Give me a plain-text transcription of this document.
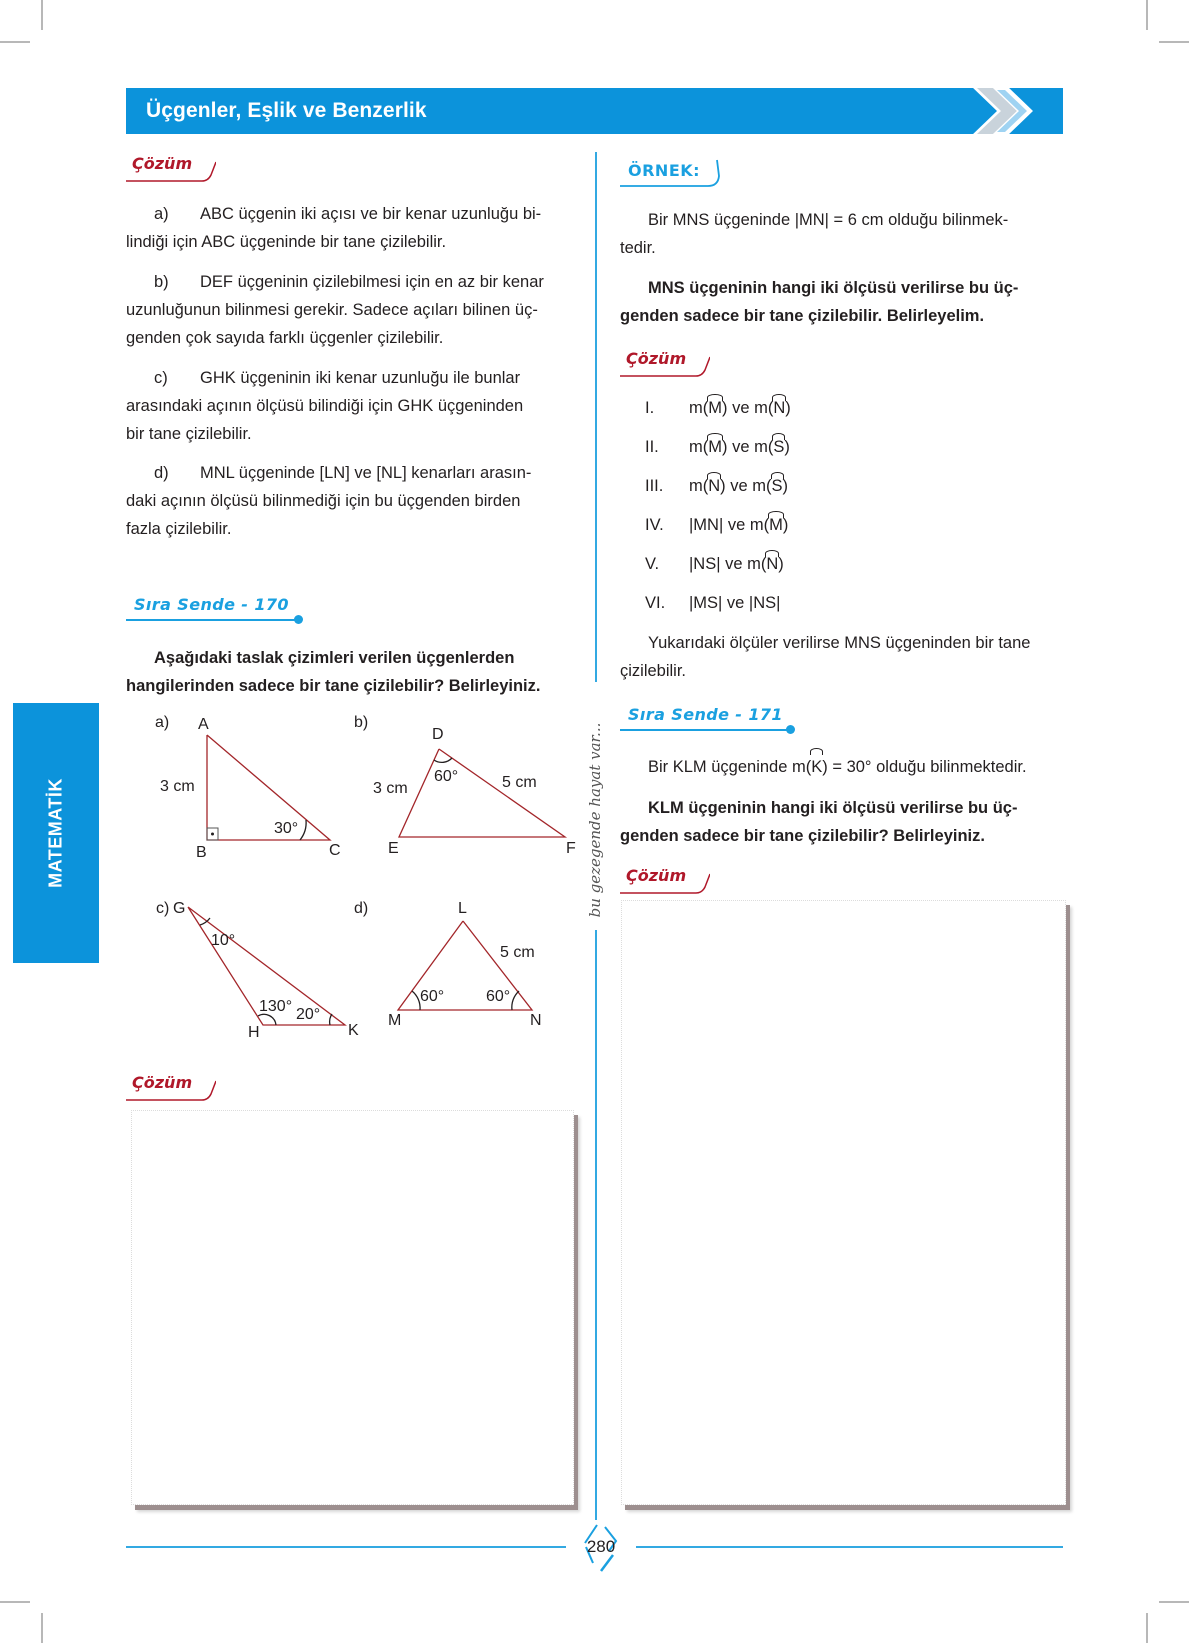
Üçgenler, Eşlik ve Benzerlik
MATEMATİK
Çözüm
a) ABC üçgenin iki açısı ve bir kenar uzunluğu bi-
lindiği için ABC üçgeninde bir tane çizilebilir.
b) DEF üçgeninin çizilebilmesi için en az bir kenar
uzunluğunun bilinmesi gerekir. Sadece açıları bilinen üç-
genden çok sayıda farklı üçgenler çizilebilir.
c) GHK üçgeninin iki kenar uzunluğu ile bunlar
arasındaki açının ölçüsü bilindiği için GHK üçgeninden
bir tane çizilebilir.
d) MNL üçgeninde [LN] ve [NL] kenarları arasın-
daki açının ölçüsü bilinmediği için bu üçgenden birden
fazla çizilebilir.
Sıra Sende - 170
Aşağıdaki taslak çizimleri verilen üçgenlerden
hangilerinden sadece bir tane çizilebilir? Belirleyiniz.
a) A
B	C
3 cm
30°
b)
D
E	F
3 cm	5 cm
60°
c) G
H	K
10°
130° 20°
d)	L
M	N
5 cm
60°	60°
Çözüm
ÖRNEK:
Bir MNS üçgeninde |MN| = 6 cm olduğu bilinmek-
tedir.
MNS üçgeninin hangi iki ölçüsü verilirse bu üç-
genden sadece bir tane çizilebilir. Belirleyelim.
Çözüm
I. m(M) ve m(N)
II. m(M) ve m(S)
III. m(N) ve m(S)
IV. |MN| ve m(M)
V. |NS| ve m(N)
VI. |MS| ve |NS|
Yukarıdaki ölçüler verilirse MNS üçgeninden bir tane
çizilebilir.
Sıra Sende - 171
Bir KLM üçgeninde m(K) = 30° olduğu bilinmektedir.
KLM üçgeninin hangi iki ölçüsü verilirse bu üç-
genden sadece bir tane çizilebilir? Belirleyiniz.
Çözüm
bu gezegende hayat var...
280
